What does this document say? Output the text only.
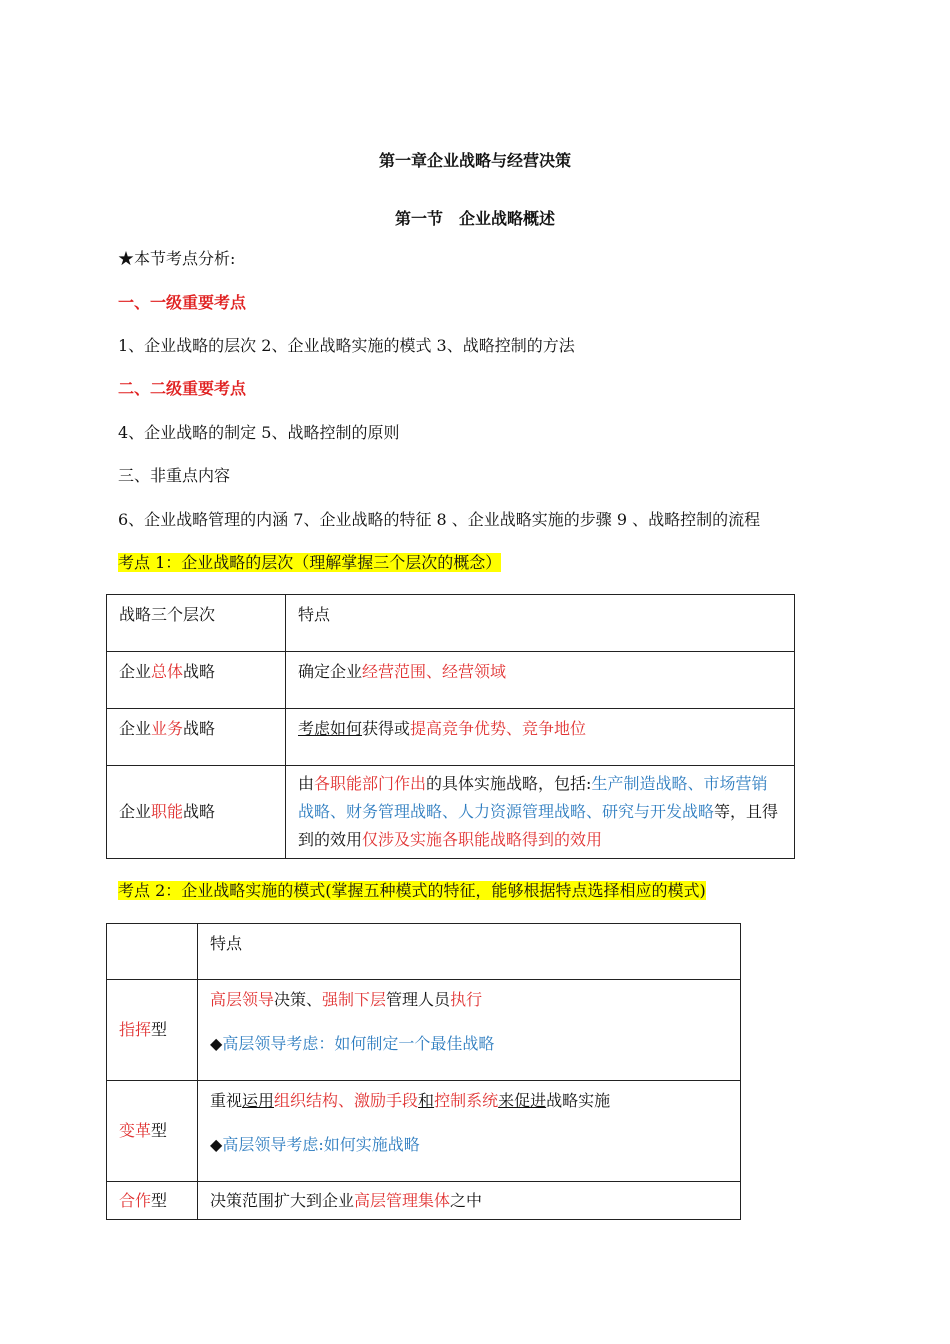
第一章企业战略与经营决策
第一节　企业战略概述
★本节考点分析:
一、一级重要考点
1、企业战略的层次 2、企业战略实施的模式 3、战略控制的方法
二、二级重要考点
4、企业战略的制定 5、战略控制的原则
三、非重点内容
6、企业战略管理的内涵 7、企业战略的特征 8 、企业战略实施的步骤 9 、战略控制的流程
考点 1：企业战略的层次（理解掌握三个层次的概念）
战略三个层次	特点
企业总体战略	确定企业经营范围、经营领域
企业业务战略	考虑如何获得或提高竞争优势、竞争地位
企业职能战略	由各职能部门作出的具体实施战略，包括:生产制造战略、市场营销战略、财务管理战略、人力资源管理战略、研究与开发战略等，且得到的效用仅涉及实施各职能战略得到的效用
考点 2：企业战略实施的模式(掌握五种模式的特征，能够根据特点选择相应的模式)
	特点
指挥型	高层领导决策、强制下层管理人员执行

◆高层领导考虑：如何制定一个最佳战略

变革型	重视运用组织结构、激励手段和控制系统来促进战略实施

◆高层领导考虑:如何实施战略

合作型	决策范围扩大到企业高层管理集体之中
